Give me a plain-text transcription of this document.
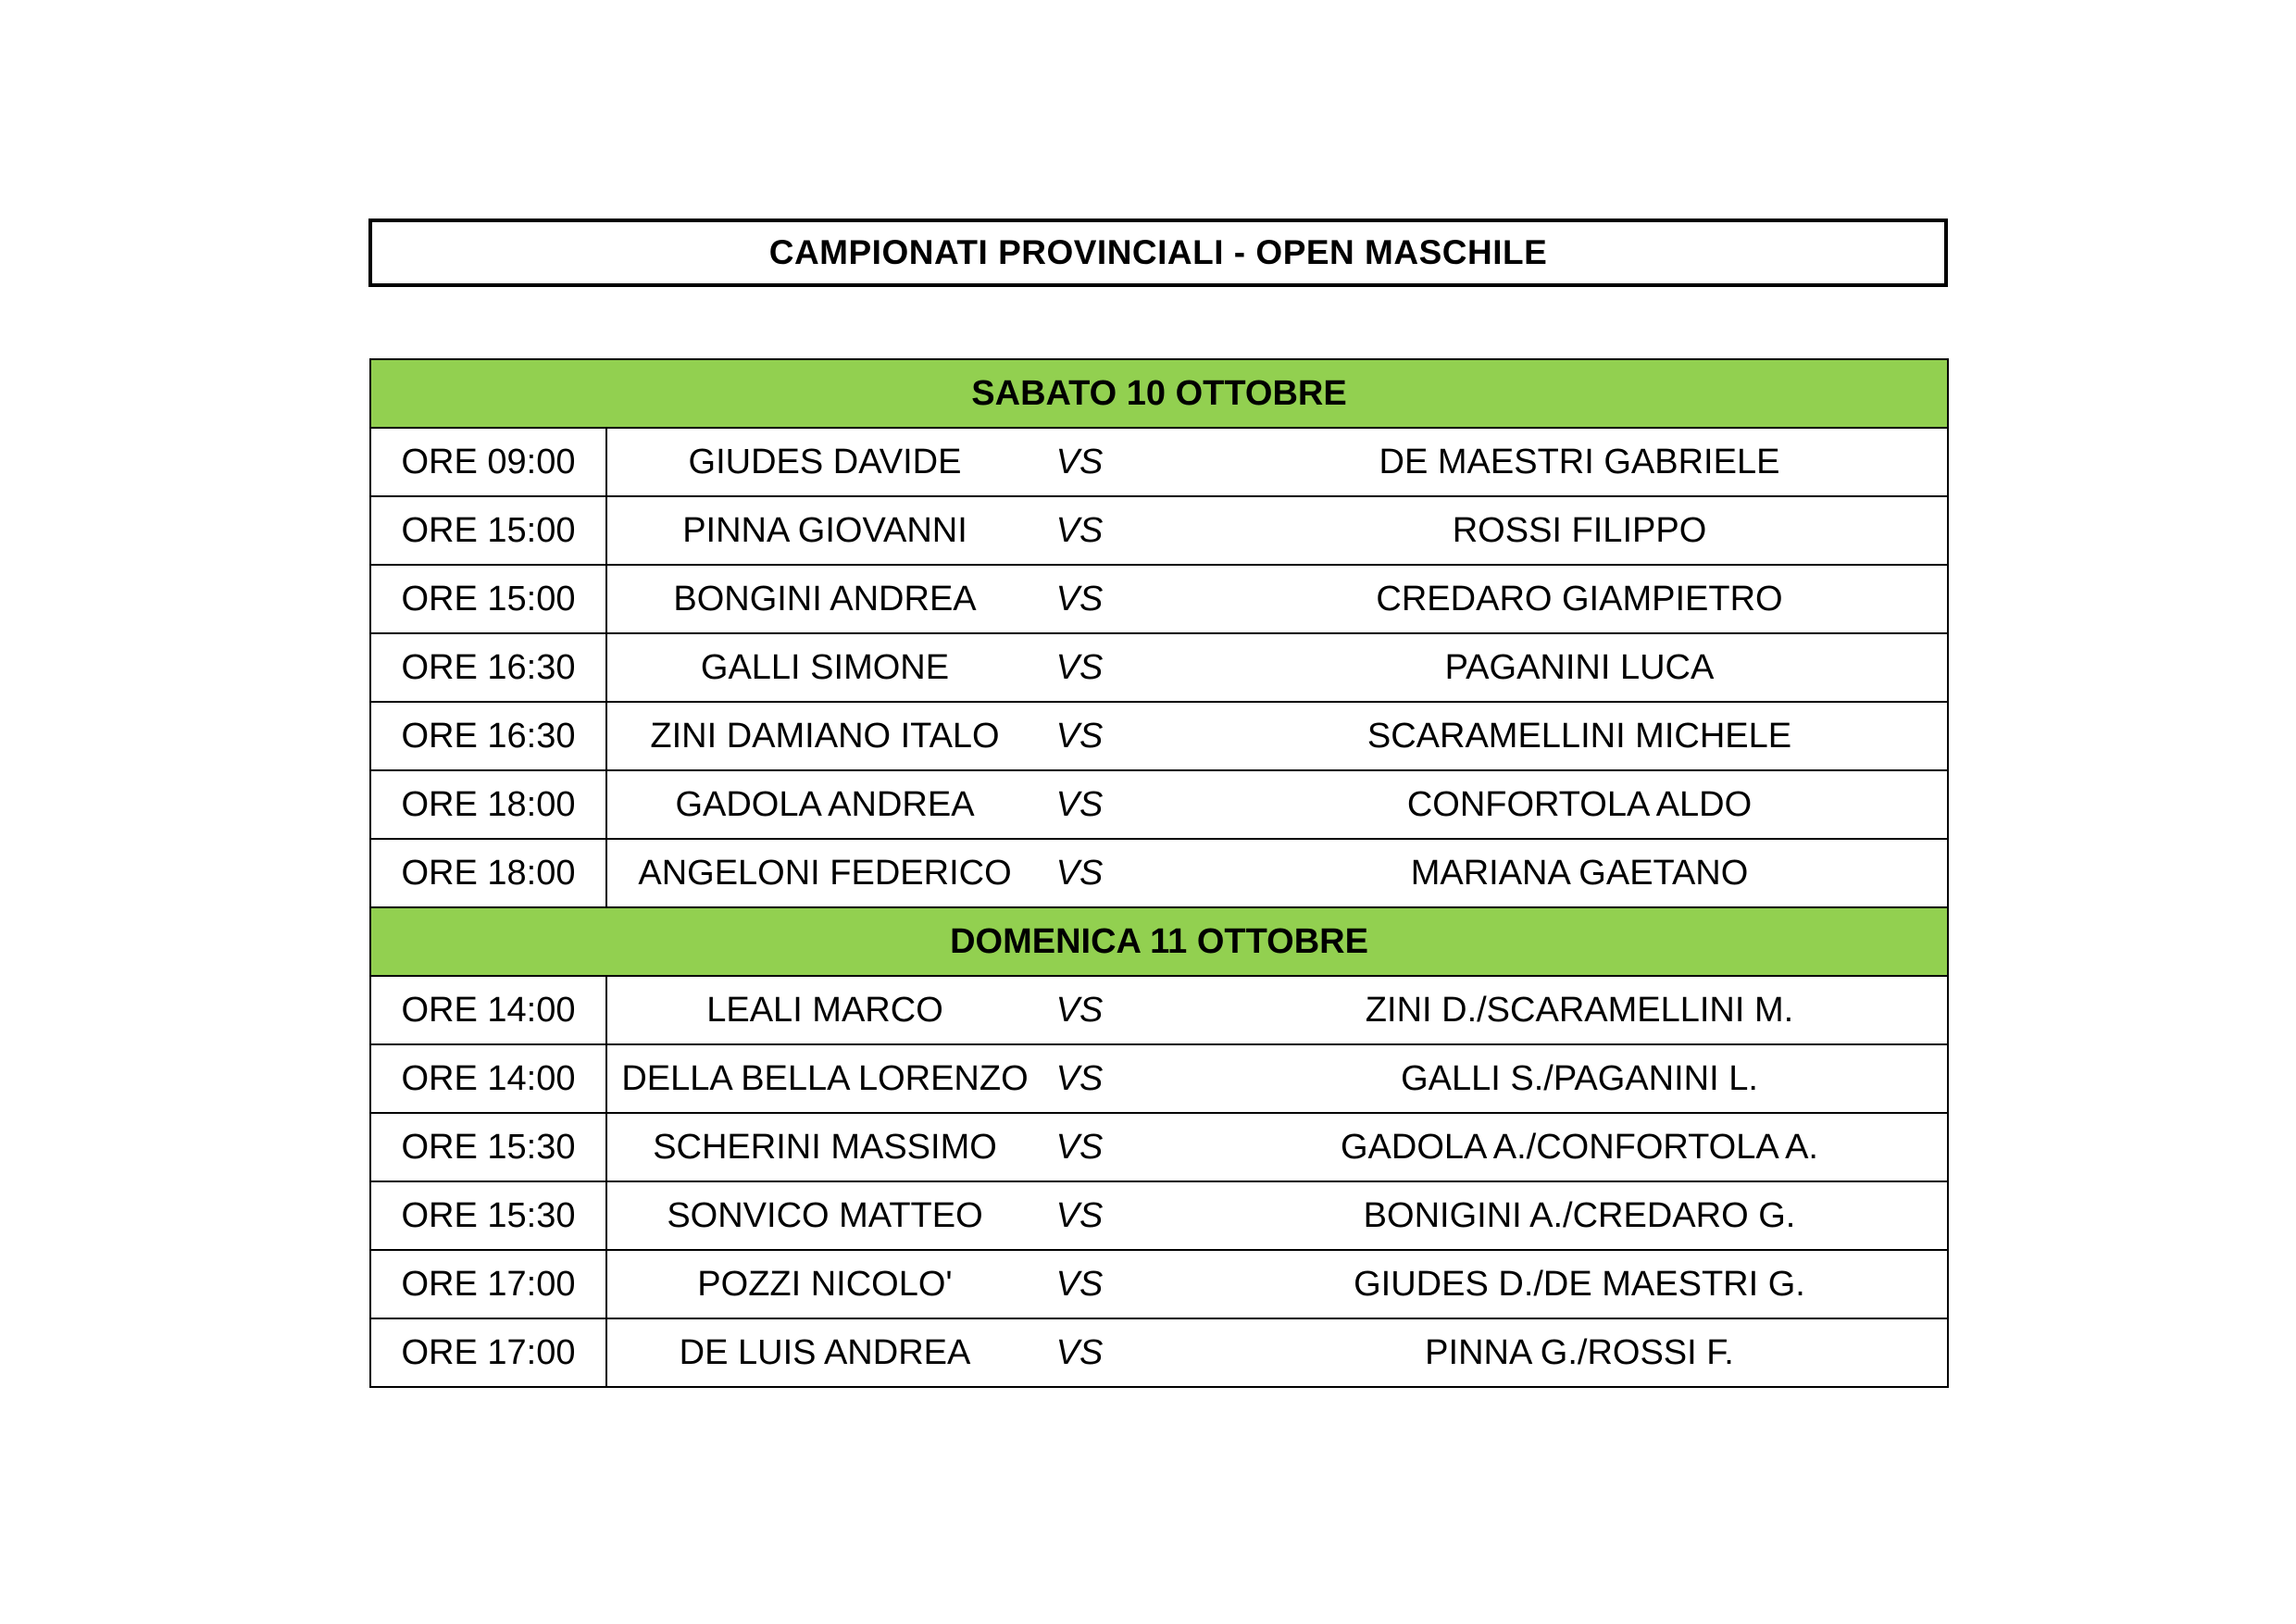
CAMPIONATI PROVINCIALI - OPEN MASCHILE
SABATO 10 OTTOBRE	
ORE 09:00	GIUDES DAVIDE VS DE MAESTRI GABRIELE

ORE 15:00	PINNA GIOVANNI VS ROSSI FILIPPO

ORE 15:00	BONGINI ANDREA VS CREDARO GIAMPIETRO

ORE 16:30	GALLI SIMONE VS PAGANINI LUCA

ORE 16:30	ZINI DAMIANO ITALO VS SCARAMELLINI MICHELE

ORE 18:00	GADOLA ANDREA VS CONFORTOLA ALDO

ORE 18:00	ANGELONI FEDERICO VS MARIANA GAETANO

DOMENICA 11 OTTOBRE	
ORE 14:00	LEALI MARCO VS ZINI D./SCARAMELLINI M.

ORE 14:00	DELLA BELLA LORENZO VS GALLI S./PAGANINI L.

ORE 15:30	SCHERINI MASSIMO VS GADOLA A./CONFORTOLA A.

ORE 15:30	SONVICO MATTEO VS BONIGINI A./CREDARO G.

ORE 17:00	POZZI NICOLO' VS GIUDES D./DE MAESTRI G.

ORE 17:00	DE LUIS ANDREA VS PINNA G./ROSSI F.
